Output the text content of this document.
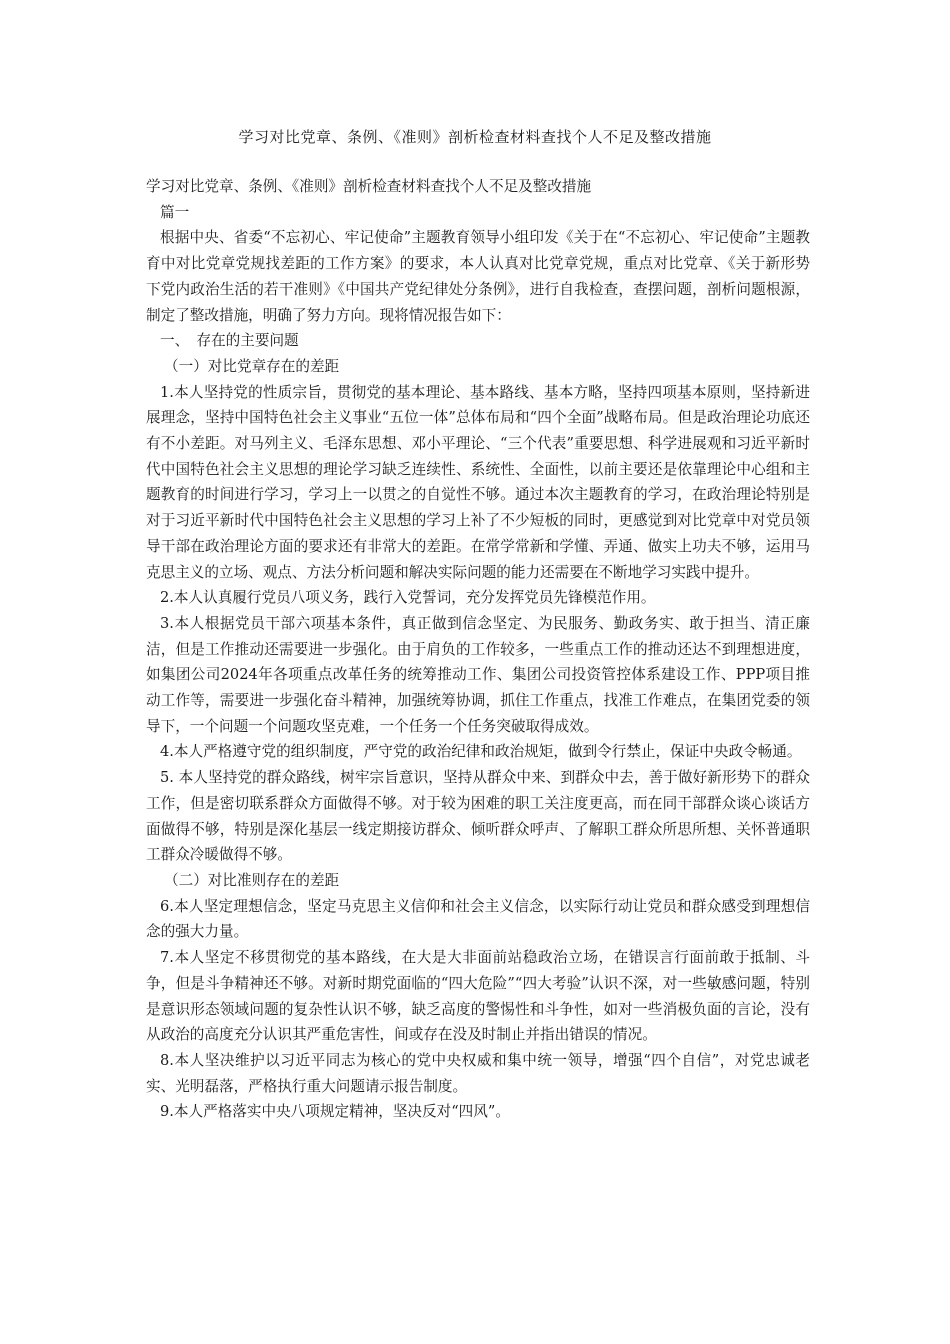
学习对比党章、条例、《准则》剖析检查材料查找个人不足及整改措施

学习对比党章、条例、《准则》剖析检查材料查找个人不足及整改措施

篇一

根据中央、省委“不忘初心、牢记使命”主题教育领导小组印发《关于在“不忘初心、牢记使命”主题教育中对比党章党规找差距的工作方案》的要求，本人认真对比党章党规，重点对比党章、《关于新形势下党内政治生活的若干准则》《中国共产党纪律处分条例》，进行自我检查，查摆问题，剖析问题根源，制定了整改措施，明确了努力方向。现将情况报告如下：

一、　存在的主要问题

（一）对比党章存在的差距

1.本人坚持党的性质宗旨，贯彻党的基本理论、基本路线、基本方略，坚持四项基本原则，坚持新进展理念，坚持中国特色社会主义事业“五位一体”总体布局和“四个全面”战略布局。但是政治理论功底还有不小差距。对马列主义、毛泽东思想、邓小平理论、“三个代表”重要思想、科学进展观和习近平新时代中国特色社会主义思想的理论学习缺乏连续性、系统性、全面性，以前主要还是依靠理论中心组和主题教育的时间进行学习，学习上一以贯之的自觉性不够。通过本次主题教育的学习，在政治理论特别是对于习近平新时代中国特色社会主义思想的学习上补了不少短板的同时，更感觉到对比党章中对党员领导干部在政治理论方面的要求还有非常大的差距。在常学常新和学懂、弄通、做实上功夫不够，运用马克思主义的立场、观点、方法分析问题和解决实际问题的能力还需要在不断地学习实践中提升。

2.本人认真履行党员八项义务，践行入党誓词，充分发挥党员先锋模范作用。

3.本人根据党员干部六项基本条件，真正做到信念坚定、为民服务、勤政务实、敢于担当、清正廉洁，但是工作推动还需要进一步强化。由于肩负的工作较多，一些重点工作的推动还达不到理想进度，如集团公司2024年各项重点改革任务的统筹推动工作、集团公司投资管控体系建设工作、PPP项目推动工作等，需要进一步强化奋斗精神，加强统筹协调，抓住工作重点，找准工作难点，在集团党委的领导下，一个问题一个问题攻坚克难，一个任务一个任务突破取得成效。

4.本人严格遵守党的组织制度，严守党的政治纪律和政治规矩，做到令行禁止，保证中央政令畅通。

5. 本人坚持党的群众路线，树牢宗旨意识，坚持从群众中来、到群众中去，善于做好新形势下的群众工作，但是密切联系群众方面做得不够。对于较为困难的职工关注度更高，而在同干部群众谈心谈话方面做得不够，特别是深化基层一线定期接访群众、倾听群众呼声、了解职工群众所思所想、关怀普通职工群众冷暖做得不够。

（二）对比准则存在的差距

6.本人坚定理想信念，坚定马克思主义信仰和社会主义信念，以实际行动让党员和群众感受到理想信念的强大力量。

7.本人坚定不移贯彻党的基本路线，在大是大非面前站稳政治立场，在错误言行面前敢于抵制、斗争，但是斗争精神还不够。对新时期党面临的“四大危险”“四大考验”认识不深，对一些敏感问题，特别是意识形态领域问题的复杂性认识不够，缺乏高度的警惕性和斗争性，如对一些消极负面的言论，没有从政治的高度充分认识其严重危害性，间或存在没及时制止并指出错误的情况。

8.本人坚决维护以习近平同志为核心的党中央权威和集中统一领导，增强“四个自信”，对党忠诚老实、光明磊落，严格执行重大问题请示报告制度。

9.本人严格落实中央八项规定精神，坚决反对“四风”。
